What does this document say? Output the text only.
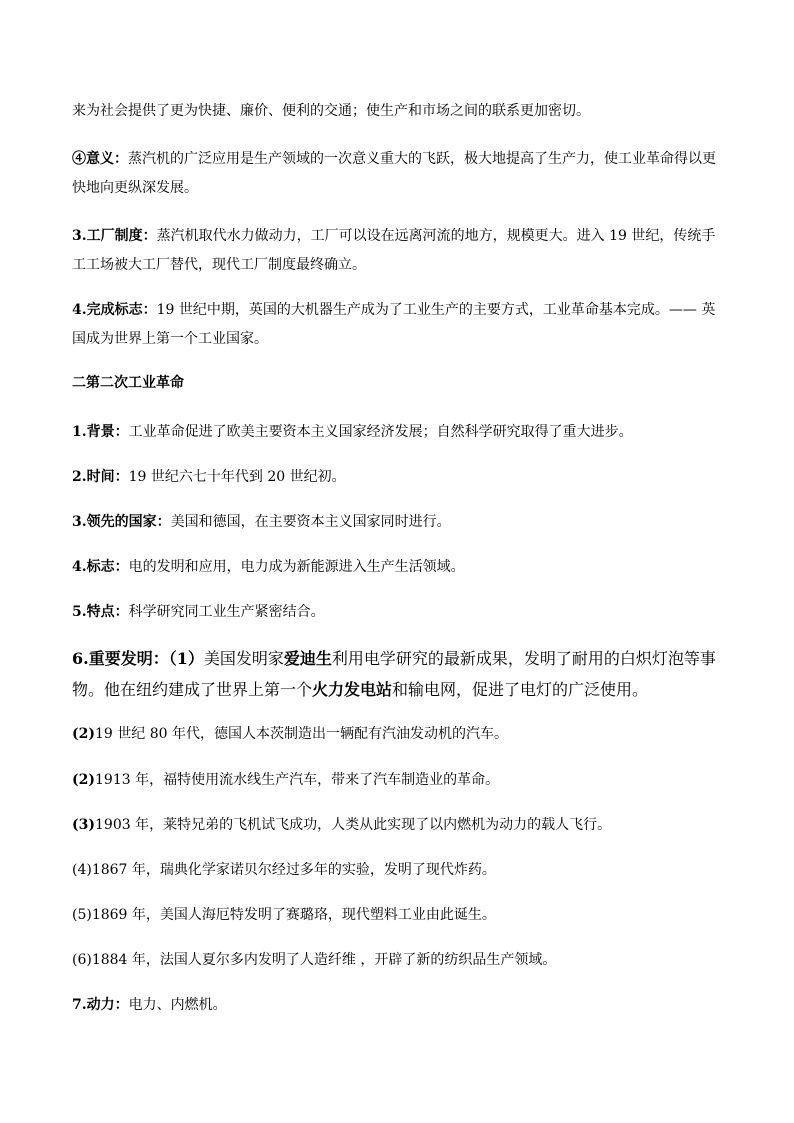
来为社会提供了更为快捷、廉价、便利的交通；使生产和市场之间的联系更加密切。

④意义：蒸汽机的广泛应用是生产领域的一次意义重大的飞跃，极大地提高了生产力，使工业革命得以更快地向更纵深发展。

3.工厂制度：蒸汽机取代水力做动力，工厂可以设在远离河流的地方，规模更大。进入 19 世纪，传统手工工场被大工厂替代，现代工厂制度最终确立。

4.完成标志：19 世纪中期，英国的大机器生产成为了工业生产的主要方式，工业革命基本完成。—— 英国成为世界上第一个工业国家。

二第二次工业革命

1.背景：工业革命促进了欧美主要资本主义国家经济发展；自然科学研究取得了重大进步。

2.时间：19 世纪六七十年代到 20 世纪初。

3.领先的国家：美国和德国，在主要资本主义国家同时进行。

4.标志：电的发明和应用，电力成为新能源进入生产生活领域。

5.特点：科学研究同工业生产紧密结合。

6.重要发明：（1）美国发明家爱迪生利用电学研究的最新成果，发明了耐用的白炽灯泡等事物。他在纽约建成了世界上第一个火力发电站和输电网，促进了电灯的广泛使用。

(2)19 世纪 80 年代，德国人本茨制造出一辆配有汽油发动机的汽车。

(2)1913 年，福特使用流水线生产汽车，带来了汽车制造业的革命。

(3)1903 年，莱特兄弟的飞机试飞成功，人类从此实现了以内燃机为动力的载人飞行。

(4)1867 年，瑞典化学家诺贝尔经过多年的实验，发明了现代炸药。

(5)1869 年，美国人海厄特发明了赛璐珞，现代塑料工业由此诞生。

(6)1884 年，法国人夏尔多内发明了人造纤维 ，开辟了新的纺织品生产领域。

7.动力：电力、内燃机。
